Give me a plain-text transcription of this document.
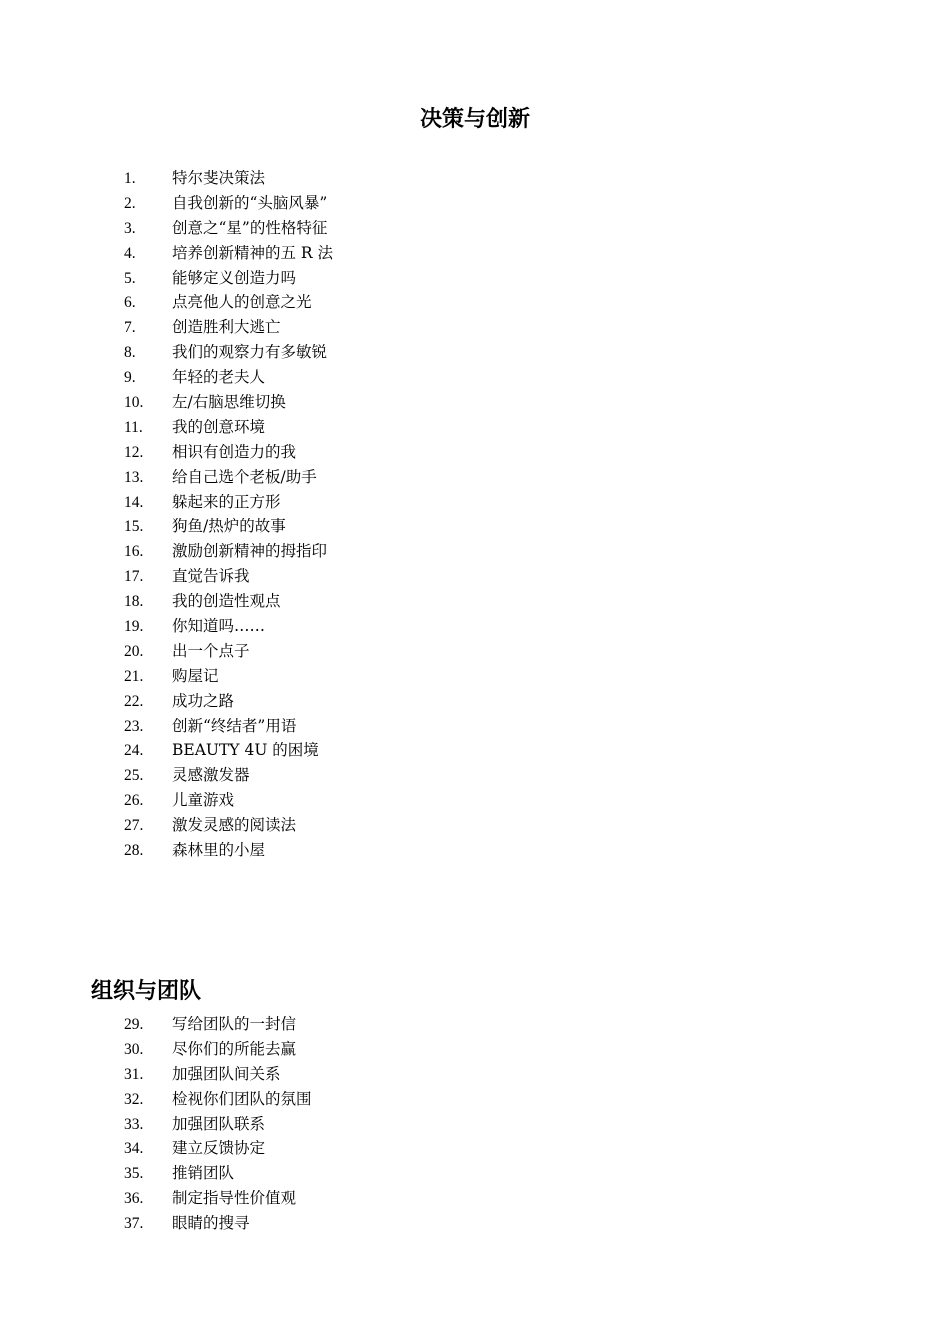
决策与创新
1. 特尔斐决策法
2. 自我创新的“头脑风暴”
3. 创意之“星”的性格特征
4. 培养创新精神的五 R 法
5. 能够定义创造力吗
6. 点亮他人的创意之光
7. 创造胜利大逃亡
8. 我们的观察力有多敏锐
9. 年轻的老夫人
10. 左/右脑思维切换
11. 我的创意环境
12. 相识有创造力的我
13. 给自己选个老板/助手
14. 躲起来的正方形
15. 狗鱼/热炉的故事
16. 激励创新精神的拇指印
17. 直觉告诉我
18. 我的创造性观点
19. 你知道吗……
20. 出一个点子
21. 购屋记
22. 成功之路
23. 创新“终结者”用语
24. BEAUTY 4U 的困境
25. 灵感激发器
26. 儿童游戏
27. 激发灵感的阅读法
28. 森林里的小屋
组织与团队
29. 写给团队的一封信
30. 尽你们的所能去赢
31. 加强团队间关系
32. 检视你们团队的氛围
33. 加强团队联系
34. 建立反馈协定
35. 推销团队
36. 制定指导性价值观
37. 眼睛的搜寻
